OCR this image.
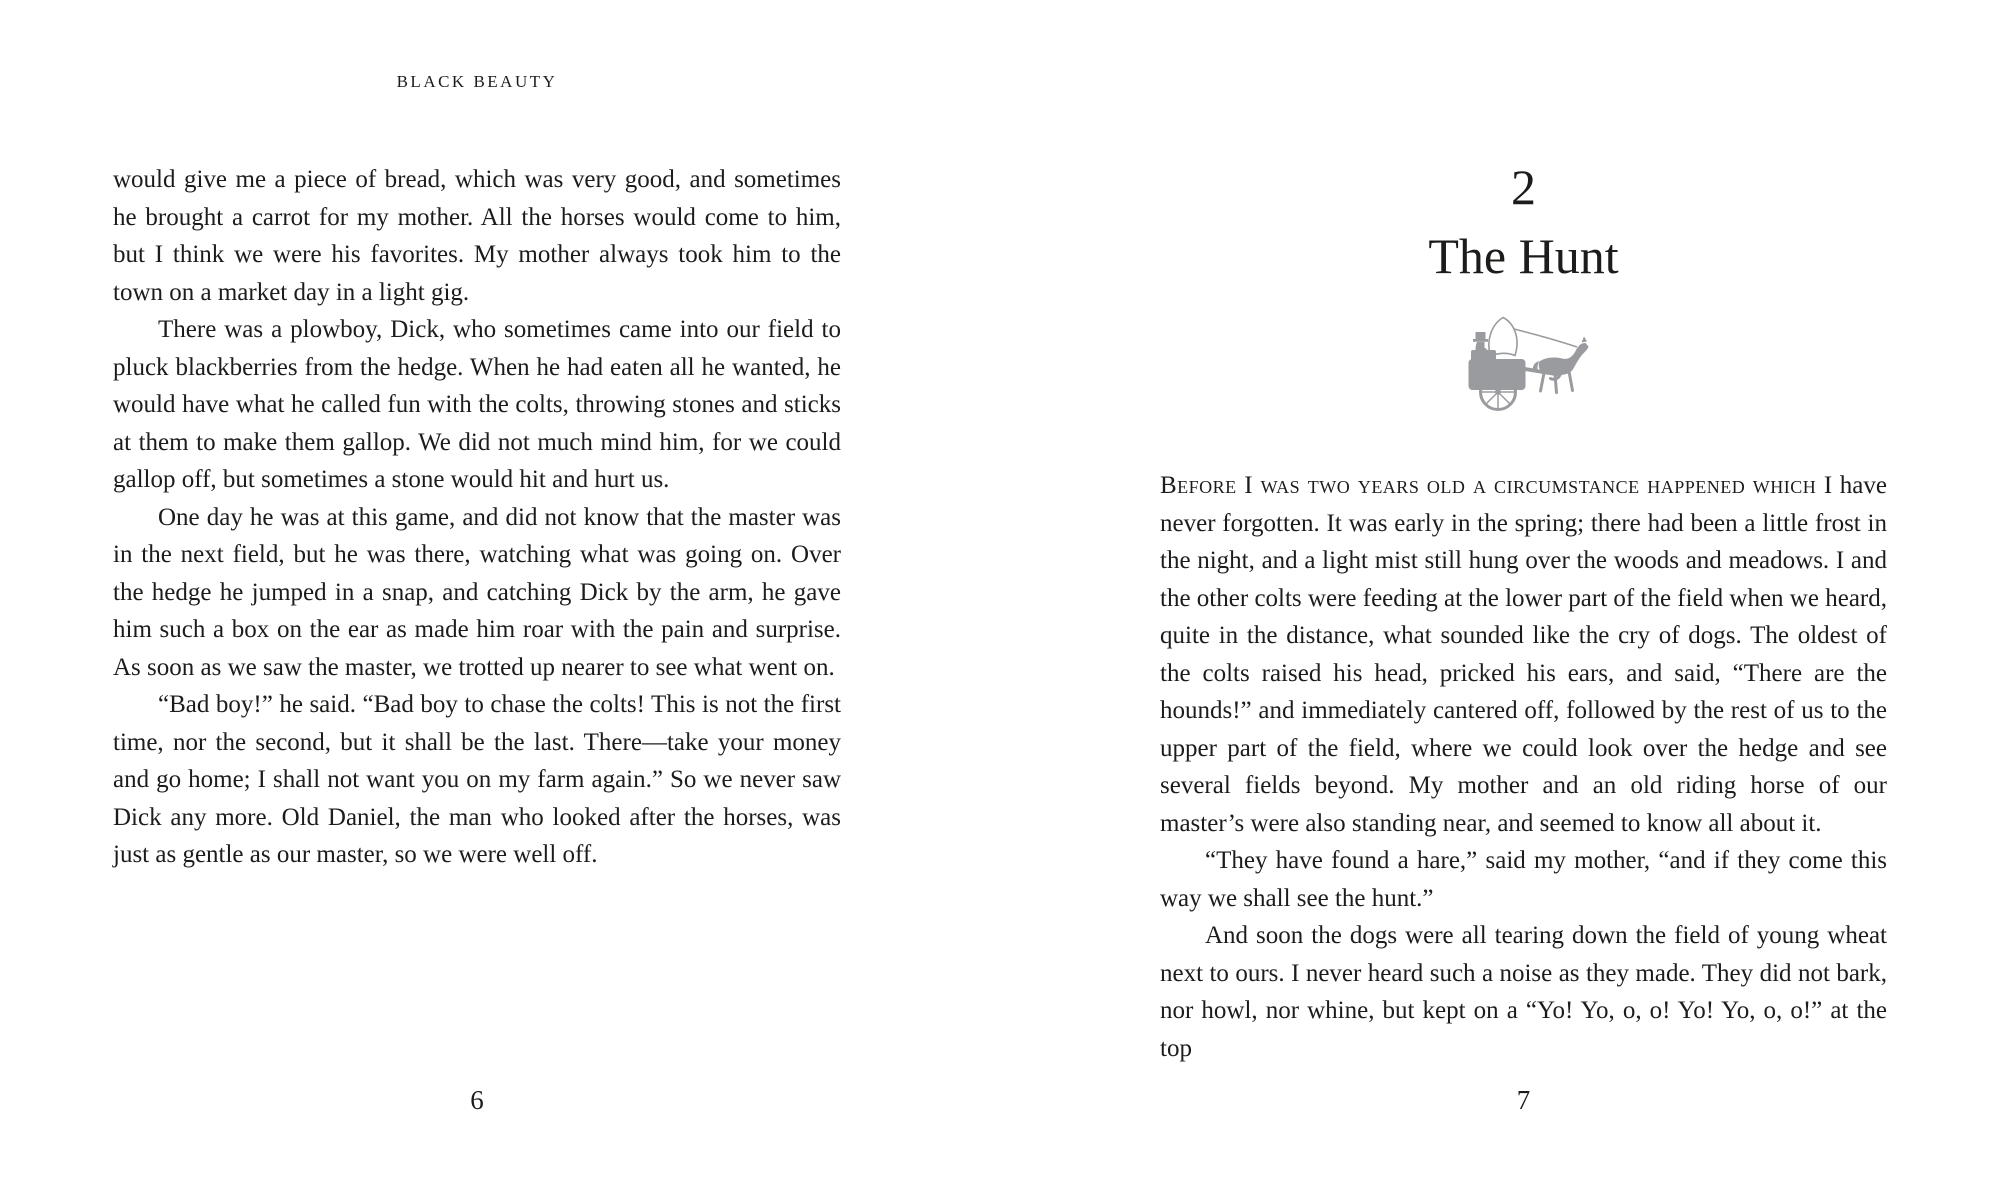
BLACK BEAUTY

would give me a piece of bread, which was very good, and sometimes he brought a carrot for my mother. All the horses would come to him, but I think we were his favorites. My mother always took him to the town on a market day in a light gig.

There was a plowboy, Dick, who sometimes came into our field to pluck blackberries from the hedge. When he had eaten all he wanted, he would have what he called fun with the colts, throwing stones and sticks at them to make them gallop. We did not much mind him, for we could gallop off, but sometimes a stone would hit and hurt us.

One day he was at this game, and did not know that the master was in the next field, but he was there, watching what was going on. Over the hedge he jumped in a snap, and catching Dick by the arm, he gave him such a box on the ear as made him roar with the pain and surprise. As soon as we saw the master, we trotted up nearer to see what went on.

“Bad boy!” he said. “Bad boy to chase the colts! This is not the first time, nor the second, but it shall be the last. There—take your money and go home; I shall not want you on my farm again.” So we never saw Dick any more. Old Daniel, the man who looked after the horses, was just as gentle as our master, so we were well off.

6
2
The Hunt

Before I was two years old a circumstance happened which I have never forgotten. It was early in the spring; there had been a little frost in the night, and a light mist still hung over the woods and meadows. I and the other colts were feeding at the lower part of the field when we heard, quite in the distance, what sounded like the cry of dogs. The oldest of the colts raised his head, pricked his ears, and said, “There are the hounds!” and immediately cantered off, followed by the rest of us to the upper part of the field, where we could look over the hedge and see several fields beyond. My mother and an old riding horse of our master’s were also standing near, and seemed to know all about it.

“They have found a hare,” said my mother, “and if they come this way we shall see the hunt.”

And soon the dogs were all tearing down the field of young wheat next to ours. I never heard such a noise as they made. They did not bark, nor howl, nor whine, but kept on a “Yo! Yo, o, o! Yo! Yo, o, o!” at the top

7
